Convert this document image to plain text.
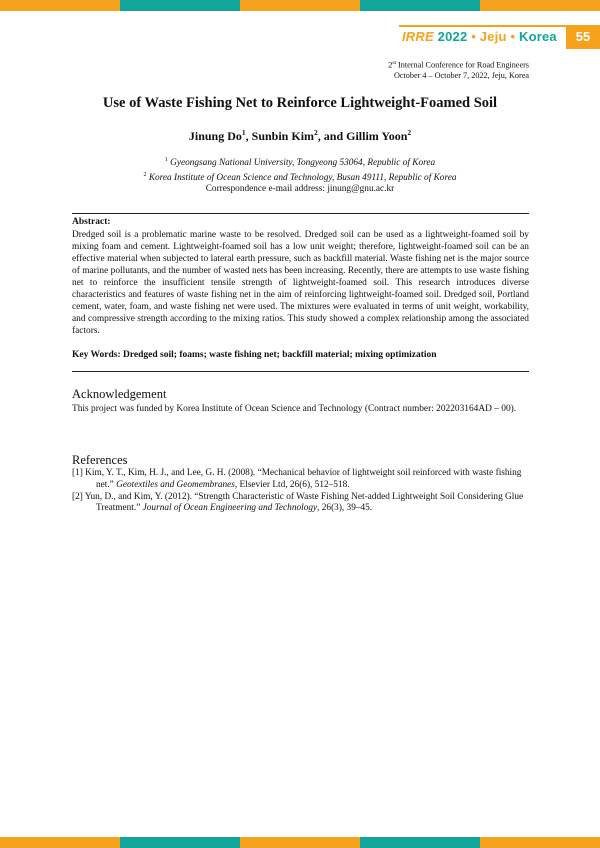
IRRE 2022 • Jeju • Korea	55
2st Internal Conference for Road Engineers
October 4 – October 7, 2022, Jeju, Korea
Use of Waste Fishing Net to Reinforce Lightweight-Foamed Soil
Jinung Do$^1$, Sunbin Kim$^2$, and Gillim Yoon$^2$
$^1$ Gyeongsang National University, Tongyeong 53064, Republic of Korea
$^2$ Korea Institute of Ocean Science and Technology, Busan 49111, Republic of Korea
Correspondence e-mail address: jinung@gnu.ac.kr
Abstract:
Dredged soil is a problematic marine waste to be resolved. Dredged soil can be used as a lightweight-foamed soil by mixing foam and cement. Lightweight-foamed soil has a low unit weight; therefore, lightweight-foamed soil can be an effective material when subjected to lateral earth pressure, such as backfill material. Waste fishing net is the major source of marine pollutants, and the number of wasted nets has been increasing. Recently, there are attempts to use waste fishing net to reinforce the insufficient tensile strength of lightweight-foamed soil. This research introduces diverse characteristics and features of waste fishing net in the aim of reinforcing lightweight-foamed soil. Dredged soil, Portland cement, water, foam, and waste fishing net were used. The mixtures were evaluated in terms of unit weight, workability, and compressive strength according to the mixing ratios. This study showed a complex relationship among the associated factors.
Key Words: Dredged soil; foams; waste fishing net; backfill material; mixing optimization
Acknowledgement
This project was funded by Korea Institute of Ocean Science and Technology (Contract number: 202203164AD – 00).
References
[1] Kim, Y. T., Kim, H. J., and Lee, G. H. (2008). “Mechanical behavior of lightweight soil reinforced with waste fishing net.” Geotextiles and Geomembranes, Elsevier Ltd, 26(6), 512–518.
[2] Yun, D., and Kim, Y. (2012). “Strength Characteristic of Waste Fishing Net-added Lightweight Soil Considering Glue Treatment.” Journal of Ocean Engineering and Technology, 26(3), 39–45.
